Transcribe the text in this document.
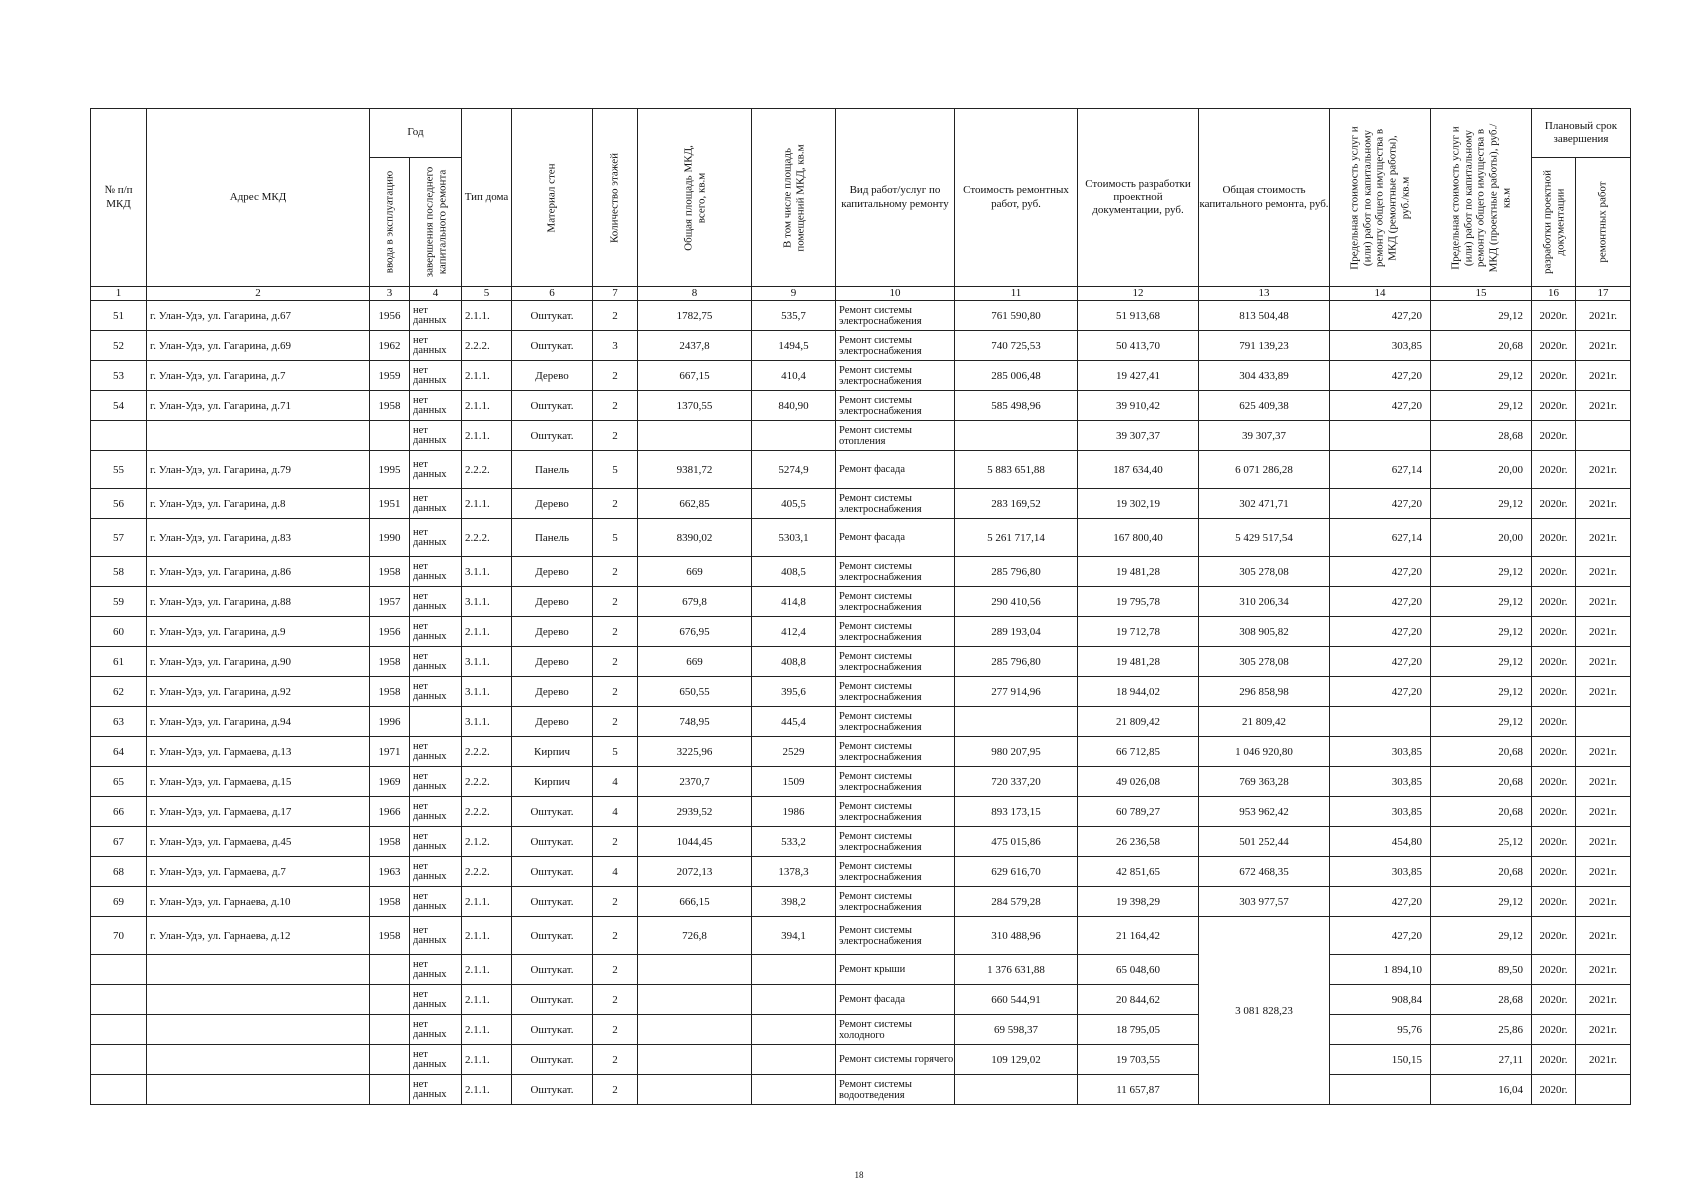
№ п/п МКД	Адрес МКД	Год		Тип дома	Материал стен	Количество этажей	Общая площадь МКД, всего, кв.м	В том числе площадь помещений МКД, кв.м	Вид работ/услуг по капитальному ремонту	Стоимость ремонтных работ, руб.	Стоимость разработки проектной документации, руб.	Общая стоимость капитального ремонта, руб.	Предельная стоимость услуг и (или) работ по капитальному ремонту общего имущества в МКД (ремонтные работы), руб./кв.м	Предельная стоимость услуг и (или) работ по капитальному ремонту общего имущества в МКД (проектные работы), руб./кв.м	Плановый срок завершения	

		ввода в эксплуатацию	завершения последнего капитального ремонта												разработки проектной документации	ремонтных работ

1	2	3	4	5	6	7	8	9	10	11	12	13	14	15	16	17
51	г. Улан-Удэ, ул. Гагарина, д.67	1956	нет данных	2.1.1.	Оштукат.	2	1782,75	535,7	Ремонт системы электроснабжения	761 590,80	51 913,68	813 504,48	427,20	29,12	2020г.	2021г.
52	г. Улан-Удэ, ул. Гагарина, д.69	1962	нет данных	2.2.2.	Оштукат.	3	2437,8	1494,5	Ремонт системы электроснабжения	740 725,53	50 413,70	791 139,23	303,85	20,68	2020г.	2021г.
53	г. Улан-Удэ, ул. Гагарина, д.7	1959	нет данных	2.1.1.	Дерево	2	667,15	410,4	Ремонт системы электроснабжения	285 006,48	19 427,41	304 433,89	427,20	29,12	2020г.	2021г.
54	г. Улан-Удэ, ул. Гагарина, д.71	1958	нет данных	2.1.1.	Оштукат.	2	1370,55	840,90	Ремонт системы электроснабжения	585 498,96	39 910,42	625 409,38	427,20	29,12	2020г.	2021г.
			нет данных	2.1.1.	Оштукат.	2			Ремонт системы отопления		39 307,37	39 307,37		28,68	2020г.	
55	г. Улан-Удэ, ул. Гагарина, д.79	1995	нет данных	2.2.2.	Панель	5	9381,72	5274,9	Ремонт фасада	5 883 651,88	187 634,40	6 071 286,28	627,14	20,00	2020г.	2021г.
56	г. Улан-Удэ, ул. Гагарина, д.8	1951	нет данных	2.1.1.	Дерево	2	662,85	405,5	Ремонт системы электроснабжения	283 169,52	19 302,19	302 471,71	427,20	29,12	2020г.	2021г.
57	г. Улан-Удэ, ул. Гагарина, д.83	1990	нет данных	2.2.2.	Панель	5	8390,02	5303,1	Ремонт фасада	5 261 717,14	167 800,40	5 429 517,54	627,14	20,00	2020г.	2021г.
58	г. Улан-Удэ, ул. Гагарина, д.86	1958	нет данных	3.1.1.	Дерево	2	669	408,5	Ремонт системы электроснабжения	285 796,80	19 481,28	305 278,08	427,20	29,12	2020г.	2021г.
59	г. Улан-Удэ, ул. Гагарина, д.88	1957	нет данных	3.1.1.	Дерево	2	679,8	414,8	Ремонт системы электроснабжения	290 410,56	19 795,78	310 206,34	427,20	29,12	2020г.	2021г.
60	г. Улан-Удэ, ул. Гагарина, д.9	1956	нет данных	2.1.1.	Дерево	2	676,95	412,4	Ремонт системы электроснабжения	289 193,04	19 712,78	308 905,82	427,20	29,12	2020г.	2021г.
61	г. Улан-Удэ, ул. Гагарина, д.90	1958	нет данных	3.1.1.	Дерево	2	669	408,8	Ремонт системы электроснабжения	285 796,80	19 481,28	305 278,08	427,20	29,12	2020г.	2021г.
62	г. Улан-Удэ, ул. Гагарина, д.92	1958	нет данных	3.1.1.	Дерево	2	650,55	395,6	Ремонт системы электроснабжения	277 914,96	18 944,02	296 858,98	427,20	29,12	2020г.	2021г.
63	г. Улан-Удэ, ул. Гагарина, д.94	1996		3.1.1.	Дерево	2	748,95	445,4	Ремонт системы электроснабжения		21 809,42	21 809,42		29,12	2020г.	
64	г. Улан-Удэ, ул. Гармаева, д.13	1971	нет данных	2.2.2.	Кирпич	5	3225,96	2529	Ремонт системы электроснабжения	980 207,95	66 712,85	1 046 920,80	303,85	20,68	2020г.	2021г.
65	г. Улан-Удэ, ул. Гармаева, д.15	1969	нет данных	2.2.2.	Кирпич	4	2370,7	1509	Ремонт системы электроснабжения	720 337,20	49 026,08	769 363,28	303,85	20,68	2020г.	2021г.
66	г. Улан-Удэ, ул. Гармаева, д.17	1966	нет данных	2.2.2.	Оштукат.	4	2939,52	1986	Ремонт системы электроснабжения	893 173,15	60 789,27	953 962,42	303,85	20,68	2020г.	2021г.
67	г. Улан-Удэ, ул. Гармаева, д.45	1958	нет данных	2.1.2.	Оштукат.	2	1044,45	533,2	Ремонт системы электроснабжения	475 015,86	26 236,58	501 252,44	454,80	25,12	2020г.	2021г.
68	г. Улан-Удэ, ул. Гармаева, д.7	1963	нет данных	2.2.2.	Оштукат.	4	2072,13	1378,3	Ремонт системы электроснабжения	629 616,70	42 851,65	672 468,35	303,85	20,68	2020г.	2021г.
69	г. Улан-Удэ, ул. Гарнаева, д.10	1958	нет данных	2.1.1.	Оштукат.	2	666,15	398,2	Ремонт системы электроснабжения	284 579,28	19 398,29	303 977,57	427,20	29,12	2020г.	2021г.
70	г. Улан-Удэ, ул. Гарнаева, д.12	1958	нет данных	2.1.1.	Оштукат.	2	726,8	394,1	Ремонт системы электроснабжения	310 488,96	21 164,42	3 081 828,23	427,20	29,12	2020г.	2021г.
			нет данных	2.1.1.	Оштукат.	2			Ремонт крыши	1 376 631,88	65 048,60		1 894,10	89,50	2020г.	2021г.
			нет данных	2.1.1.	Оштукат.	2			Ремонт фасада	660 544,91	20 844,62		908,84	28,68	2020г.	2021г.
			нет данных	2.1.1.	Оштукат.	2			Ремонт системы холодного	69 598,37	18 795,05		95,76	25,86	2020г.	2021г.
			нет данных	2.1.1.	Оштукат.	2			Ремонт системы горячего	109 129,02	19 703,55		150,15	27,11	2020г.	2021г.
			нет данных	2.1.1.	Оштукат.	2			Ремонт системы водоотведения		11 657,87			16,04	2020г.	
18
